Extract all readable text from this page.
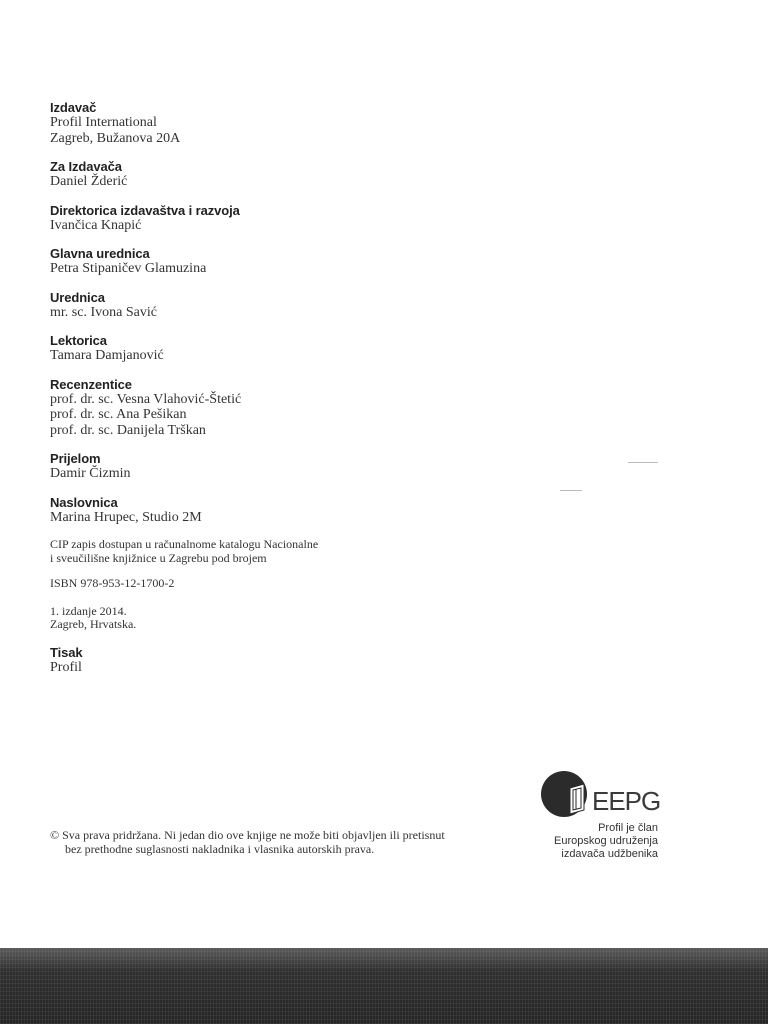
Izdavač
Profil International
Zagreb, Bužanova 20A
Za Izdavača
Daniel Žderić
Direktorica izdavaštva i razvoja
Ivančica Knapić
Glavna urednica
Petra Stipaničev Glamuzina
Urednica
mr. sc. Ivona Savić
Lektorica
Tamara Damjanović
Recenzentice
prof. dr. sc. Vesna Vlahović-Štetić
prof. dr. sc. Ana Pešikan
prof. dr. sc. Danijela Trškan
Prijelom
Damir Čizmin
Naslovnica
Marina Hrupec, Studio 2M
CIP zapis dostupan u računalnome katalogu Nacionalne
i sveučilišne knjižnice u Zagrebu pod brojem
ISBN 978-953-12-1700-2
1. izdanje 2014.
Zagreb, Hrvatska.
Tisak
Profil
© Sva prava pridržana. Ni jedan dio ove knjige ne može biti objavljen ili pretisnut
bez prethodne suglasnosti nakladnika i vlasnika autorskih prava.
EEPG
Profil je član
Europskog udruženja
izdavača udžbenika
